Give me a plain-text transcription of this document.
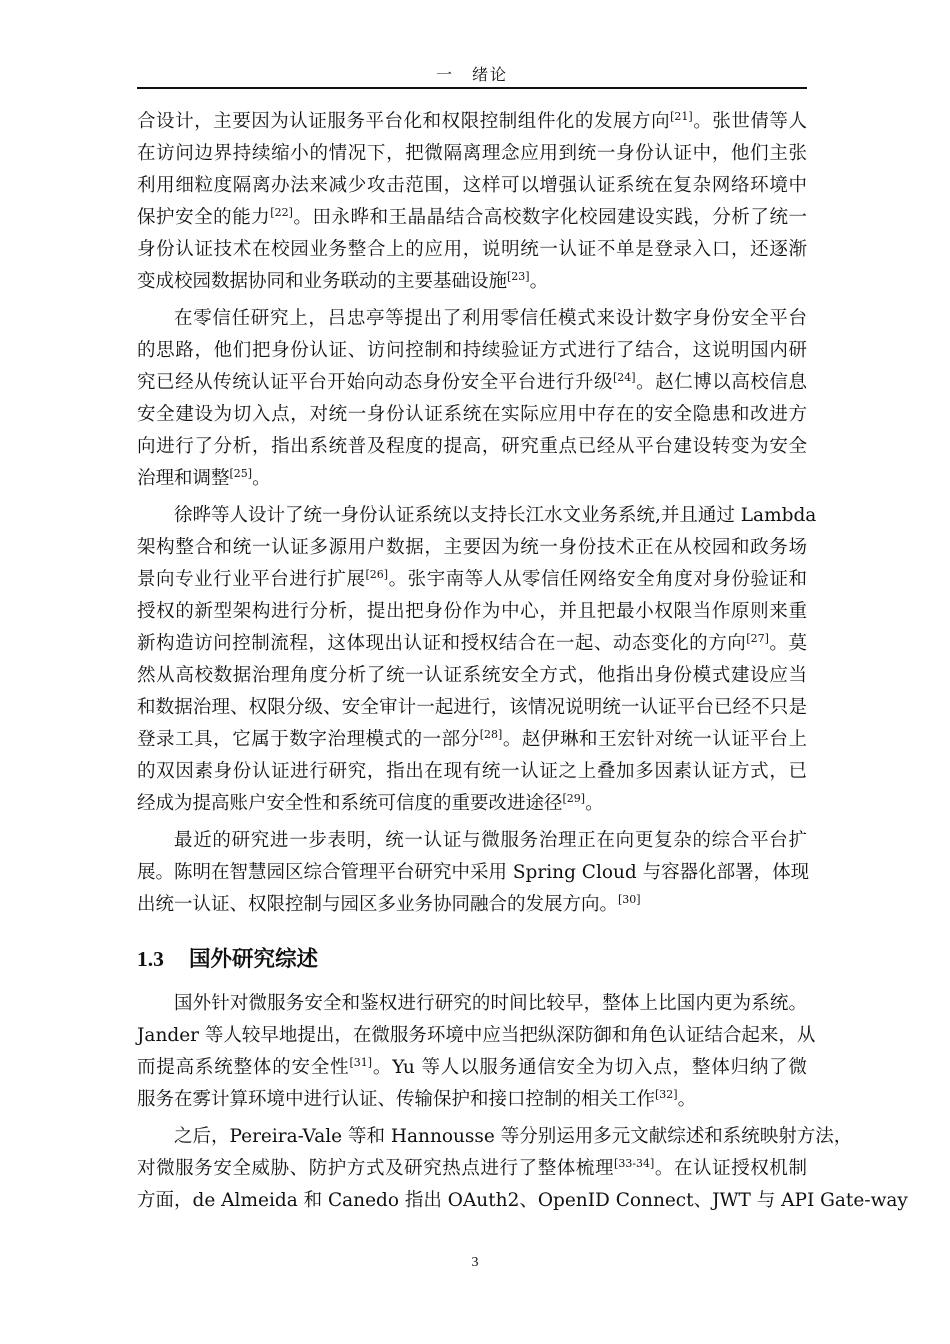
一　绪论
合设计，主要因为认证服务平台化和权限控制组件化的发展方向[21]。张世倩等人
在访问边界持续缩小的情况下，把微隔离理念应用到统一身份认证中，他们主张
利用细粒度隔离办法来减少攻击范围，这样可以增强认证系统在复杂网络环境中
保护安全的能力[22]。田永晔和王晶晶结合高校数字化校园建设实践，分析了统一
身份认证技术在校园业务整合上的应用，说明统一认证不单是登录入口，还逐渐
变成校园数据协同和业务联动的主要基础设施[23]。
在零信任研究上，吕忠亭等提出了利用零信任模式来设计数字身份安全平台
的思路，他们把身份认证、访问控制和持续验证方式进行了结合，这说明国内研
究已经从传统认证平台开始向动态身份安全平台进行升级[24]。赵仁博以高校信息
安全建设为切入点，对统一身份认证系统在实际应用中存在的安全隐患和改进方
向进行了分析，指出系统普及程度的提高，研究重点已经从平台建设转变为安全
治理和调整[25]。
徐晔等人设计了统一身份认证系统以支持长江水文业务系统,并且通过 Lambda
架构整合和统一认证多源用户数据，主要因为统一身份技术正在从校园和政务场
景向专业行业平台进行扩展[26]。张宇南等人从零信任网络安全角度对身份验证和
授权的新型架构进行分析，提出把身份作为中心，并且把最小权限当作原则来重
新构造访问控制流程，这体现出认证和授权结合在一起、动态变化的方向[27]。莫
然从高校数据治理角度分析了统一认证系统安全方式，他指出身份模式建设应当
和数据治理、权限分级、安全审计一起进行，该情况说明统一认证平台已经不只是
登录工具，它属于数字治理模式的一部分[28]。赵伊琳和王宏针对统一认证平台上
的双因素身份认证进行研究，指出在现有统一认证之上叠加多因素认证方式，已
经成为提高账户安全性和系统可信度的重要改进途径[29]。
最近的研究进一步表明，统一认证与微服务治理正在向更复杂的综合平台扩
展。陈明在智慧园区综合管理平台研究中采用 Spring Cloud 与容器化部署，体现
出统一认证、权限控制与园区多业务协同融合的发展方向。[30]
1.3	国外研究综述
国外针对微服务安全和鉴权进行研究的时间比较早，整体上比国内更为系统。
Jander 等人较早地提出，在微服务环境中应当把纵深防御和角色认证结合起来，从
而提高系统整体的安全性[31]。Yu 等人以服务通信安全为切入点，整体归纳了微
服务在雾计算环境中进行认证、传输保护和接口控制的相关工作[32]。
之后，Pereira-Vale 等和 Hannousse 等分别运用多元文献综述和系统映射方法，
对微服务安全威胁、防护方式及研究热点进行了整体梳理[33-34]。在认证授权机制
方面，de Almeida 和 Canedo 指出 OAuth2、OpenID Connect、JWT 与 API Gate-way
3
